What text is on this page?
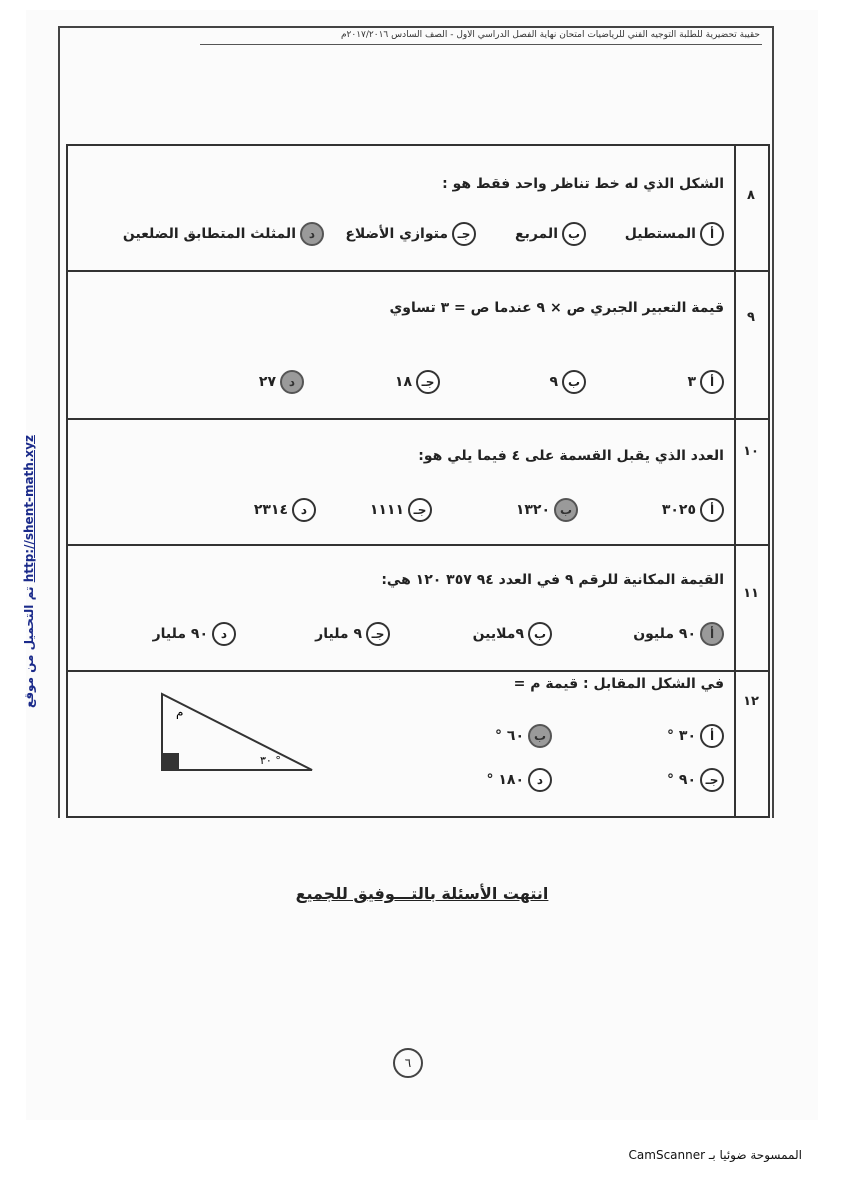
حقيبة تحضيرية للطلبة التوجيه الفني للرياضيات امتحان نهاية الفصل الدراسي الأول - الصف السادس ٢٠١٧/٢٠١٦م
تم التحميل من موقع http://shent-math.xyz
٨
الشكل الذي له خط تناظر واحد فقط هو :
أ
المستطيل
ب
المربع
جـ
متوازي الأضلاع
د
المثلث المتطابق الضلعين
٩
قيمة التعبير الجبري ص × ٩ عندما ص = ٣ تساوي
أ
٣
ب
٩
جـ
١٨
د
٢٧
١٠
العدد الذي يقبل القسمة على ٤ فيما يلي هو:
أ
٣٠٢٥
ب
١٣٢٠
جـ
١١١١
د
٢٣١٤
١١
القيمة المكانية للرقم ٩ في العدد ٩٤ ٣٥٧ ١٢٠ هي:
أ
٩٠ مليون
ب
٩ملايين
جـ
٩ مليار
د
٩٠ مليار
١٢
في الشكل المقابل : قيمة م =
أ
٣٠ °
ب
٦٠ °
جـ
٩٠ °
د
١٨٠ °
م
٣٠ °
انتهت الأسئلة بالتـــوفيق للجميع
٦
الممسوحة ضوئيا بـ CamScanner
